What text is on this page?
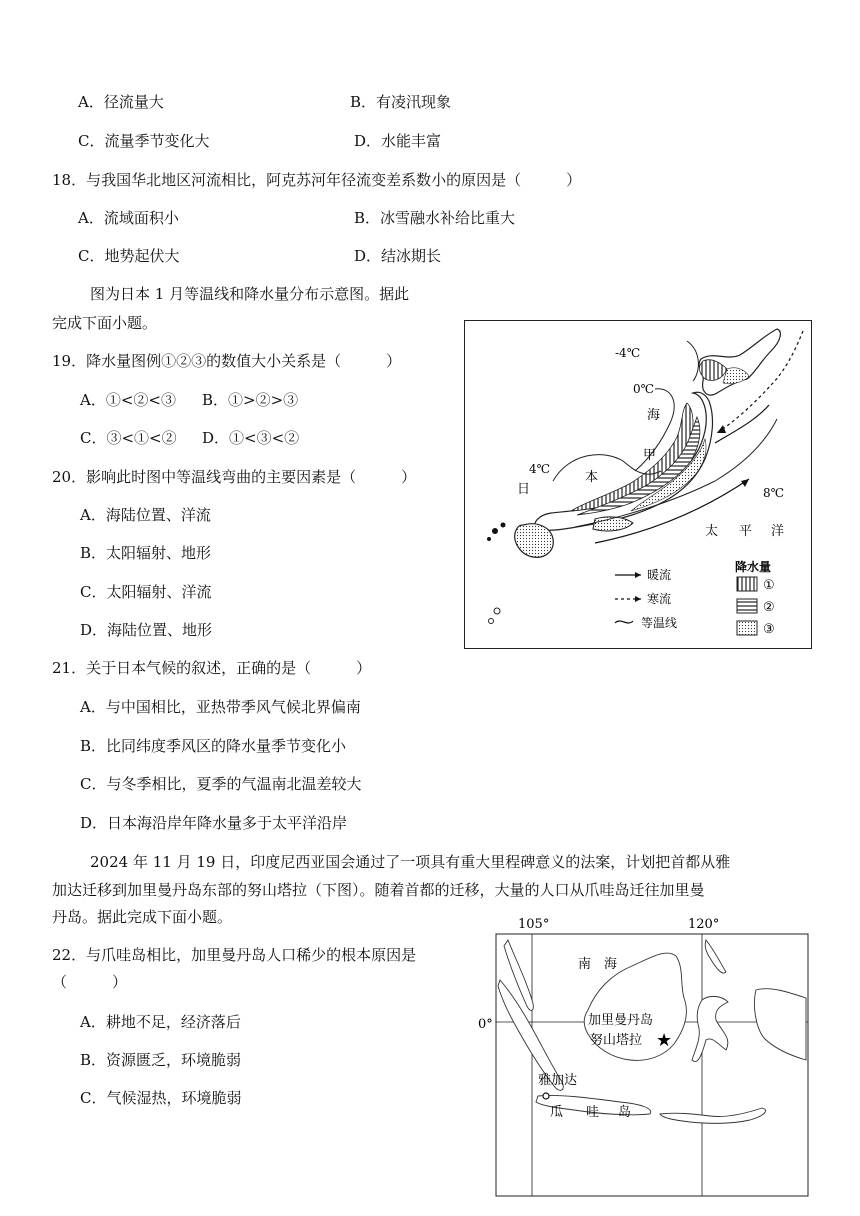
A．径流量大	B．有凌汛现象
C．流量季节变化大	D．水能丰富
18．与我国华北地区河流相比，阿克苏河年径流变差系数小的原因是（　　　）
A．流域面积小	B．冰雪融水补给比重大
C．地势起伏大	D．结冰期长
图为日本 1 月等温线和降水量分布示意图。据此
完成下面小题。
19．降水量图例①②③的数值大小关系是（　　　）
A．①<②<③ B．①>②>③
C．③<①<② D．①<③<②
20．影响此时图中等温线弯曲的主要因素是（　　　）
A．海陆位置、洋流
B．太阳辐射、地形
C．太阳辐射、洋流
D．海陆位置、地形
21．关于日本气候的叙述，正确的是（　　　）
A．与中国相比，亚热带季风气候北界偏南
B．比同纬度季风区的降水量季节变化小
C．与冬季相比，夏季的气温南北温差较大
D．日本海沿岸年降水量多于太平洋沿岸
2024 年 11 月 19 日，印度尼西亚国会通过了一项具有重大里程碑意义的法案，计划把首都从雅
加达迁移到加里曼丹岛东部的努山塔拉（下图）。随着首都的迁移，大量的人口从爪哇岛迁往加里曼
丹岛。据此完成下面小题。
22．与爪哇岛相比，加里曼丹岛人口稀少的根本原因是
（　　　）
A．耕地不足，经济落后
B．资源匮乏，环境脆弱
C．气候湿热，环境脆弱
-4℃
0℃
海
甲
4℃
本
日	8℃
太 平 洋
暖流
寒流
等温线
降水量
①
②
③
105°	120°
0°
南 海
加里曼丹岛
努山塔拉 ★
雅加达
瓜 哇 岛
